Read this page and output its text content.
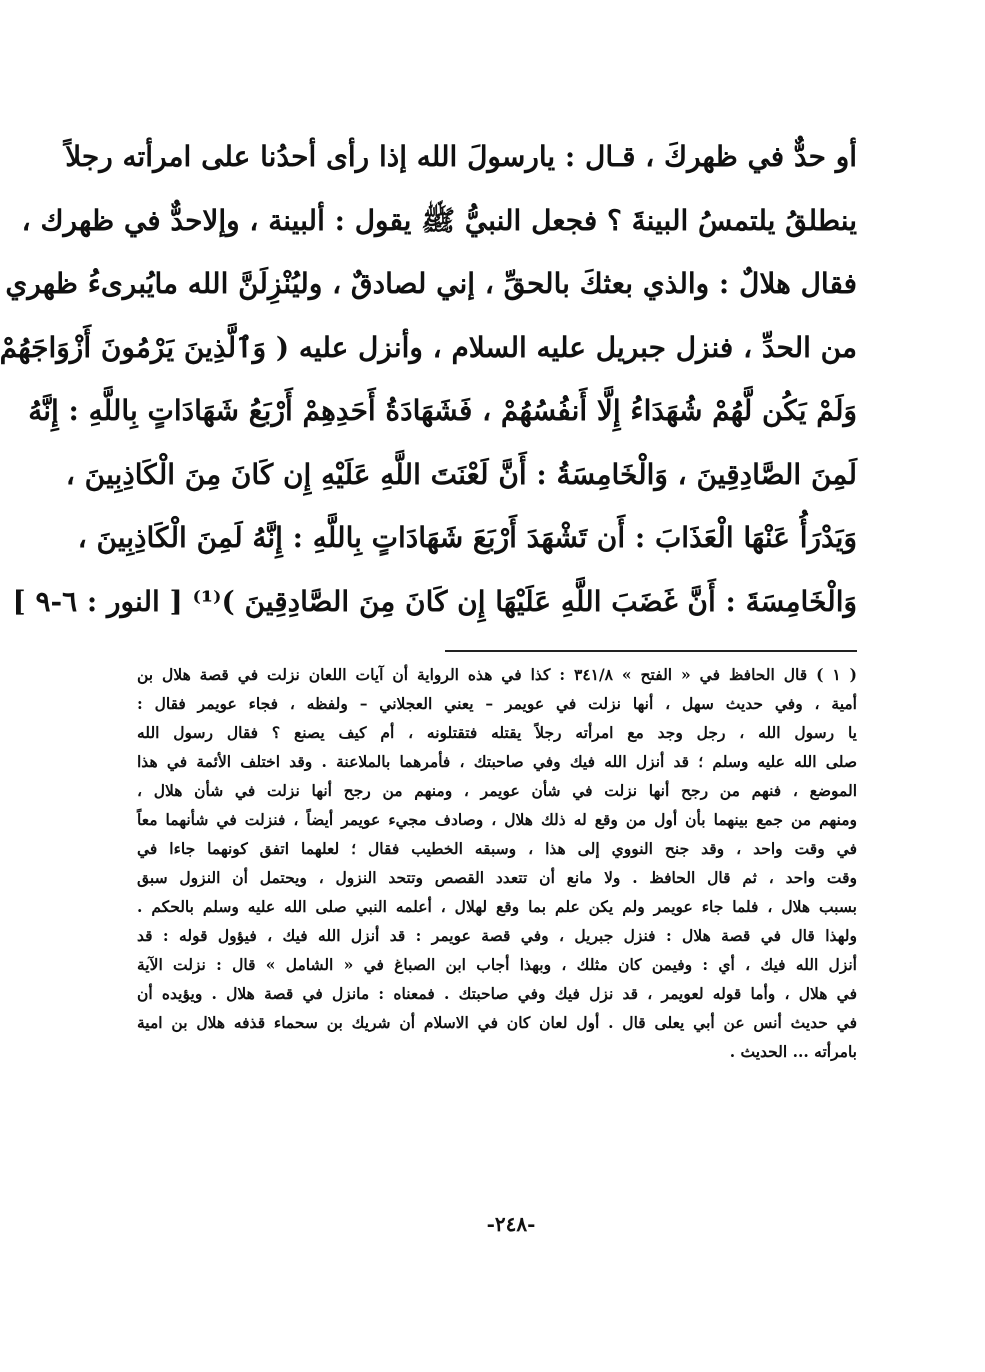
أو حدٌّ في ظهركَ ، قـال : يارسولَ الله إذا رأى أحدُنا على امرأته رجلاً
ينطلقُ يلتمسُ البينةَ ؟ فجعل النبيُّ ﷺ يقول : ألبينة ، وإلاحدٌّ في ظهرك ،
فقال هلالٌ : والذي بعثكَ بالحقِّ ، إني لصادقٌ ، وليُنْزِلَنَّ الله مايُبرىءُ ظهري
من الحدِّ ، فنزل جبريل عليه السلام ، وأنزل عليه ( وَٱلَّذِينَ يَرْمُونَ أَزْوَاجَهُمْ
وَلَمْ يَكُن لَّهُمْ شُهَدَاءُ إِلَّا أَنفُسُهُمْ ، فَشَهَادَةُ أَحَدِهِمْ أَرْبَعُ شَهَادَاتٍ بِاللَّهِ : إِنَّهُ
لَمِنَ الصَّادِقِينَ ، وَالْخَامِسَةُ : أَنَّ لَعْنَتَ اللَّهِ عَلَيْهِ إِن كَانَ مِنَ الْكَاذِبِينَ ،
وَيَدْرَأُ عَنْهَا الْعَذَابَ : أَن تَشْهَدَ أَرْبَعَ شَهَادَاتٍ بِاللَّهِ : إِنَّهُ لَمِنَ الْكَاذِبِينَ ،
وَالْخَامِسَةَ : أَنَّ غَضَبَ اللَّهِ عَلَيْهَا إِن كَانَ مِنَ الصَّادِقِينَ )⁽¹⁾ [ النور : ٦-٩ ]
( ١ ) قال الحافظ في « الفتح » ٣٤١/٨ : كذا في هذه الرواية أن آيات اللعان نزلت في قصة هلال بن
أمية ، وفي حديث سهل ، أنها نزلت في عويمر – يعني العجلاني – ولفظه ، فجاء عويمر فقال :
يا رسول الله ، رجل وجد مع امرأته رجلاً يقتله فتقتلونه ، أم كيف يصنع ؟ فقال رسول الله
صلى الله عليه وسلم ؛ قد أنزل الله فيك وفي صاحبتك ، فأمرهما بالملاعنة . وقد اختلف الأئمة في هذا
الموضع ، فنهم من رجح أنها نزلت في شأن عويمر ، ومنهم من رجح أنها نزلت في شأن هلال ،
ومنهم من جمع بينهما بأن أول من وقع له ذلك هلال ، وصادف مجيء عويمر أيضاً ، فنزلت في شأنهما معاً
في وقت واحد ، وقد جنح النووي إلى هذا ، وسبقه الخطيب فقال ؛ لعلهما اتفق كونهما جاءا في
وقت واحد ، ثم قال الحافظ . ولا مانع أن تتعدد القصص وتتحد النزول ، ويحتمل أن النزول سبق
بسبب هلال ، فلما جاء عويمر ولم يكن علم بما وقع لهلال ، أعلمه النبي صلى الله عليه وسلم بالحكم .
ولهذا قال في قصة هلال : فنزل جبريل ، وفي قصة عويمر : قد أنزل الله فيك ، فيؤول قوله : قد
أنزل الله فيك ، أي : وفيمن كان مثلك ، وبهذا أجاب ابن الصباغ في « الشامل » قال : نزلت الآية
في هلال ، وأما قوله لعويمر ، قد نزل فيك وفي صاحبتك . فمعناه : مانزل في قصة هلال . ويؤيده أن
في حديث أنس عن أبي يعلى قال . أول لعان كان في الاسلام أن شريك بن سحماء قذفه هلال بن امية
بامرأته ... الحديث .
-٢٤٨-
